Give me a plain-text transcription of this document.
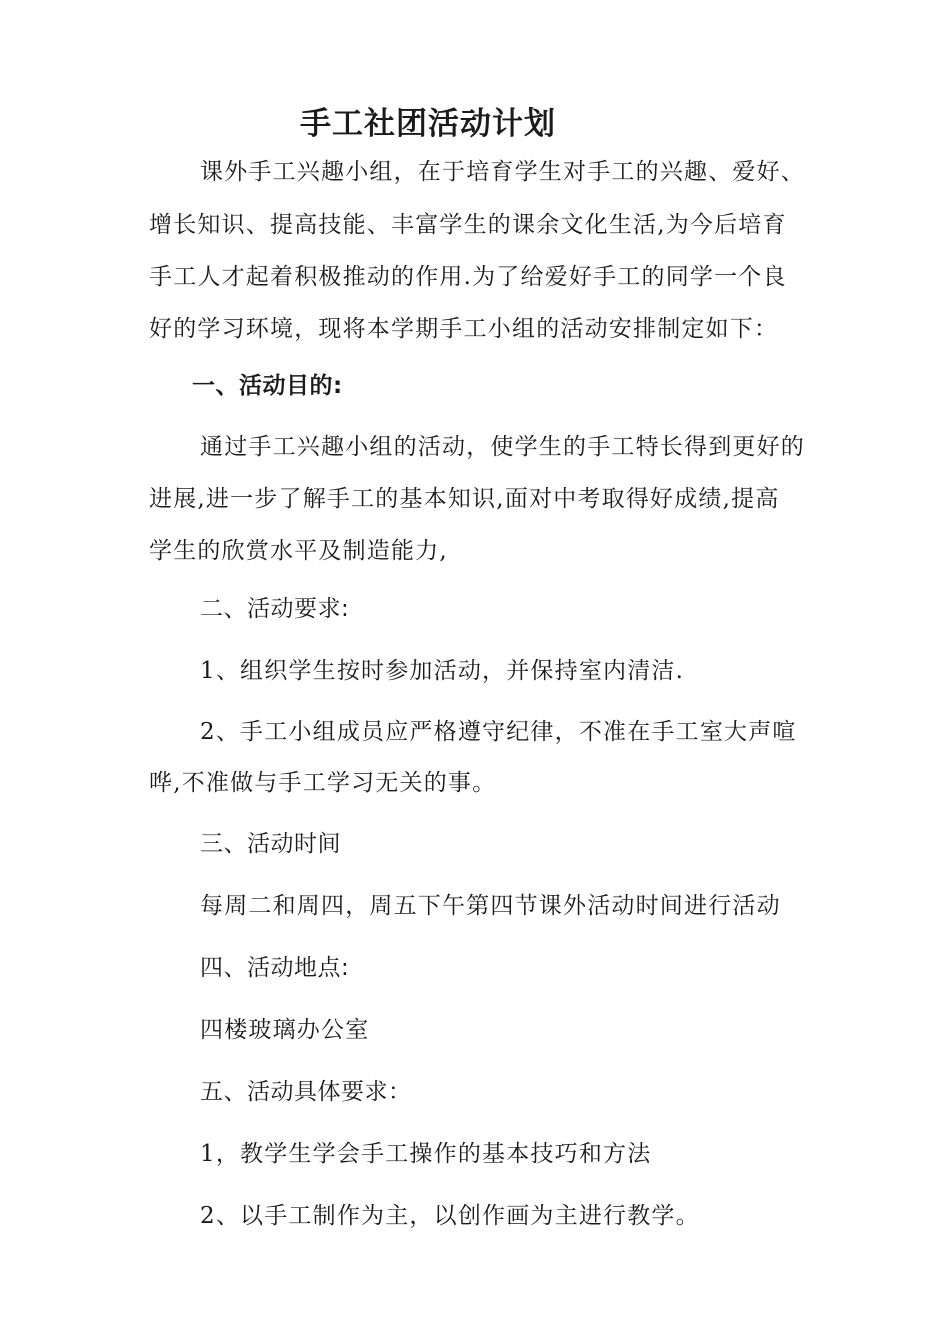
手工社团活动计划
课外手工兴趣小组，在于培育学生对手工的兴趣、爱好、
增长知识、提高技能、丰富学生的课余文化生活,为今后培育
手工人才起着积极推动的作用.为了给爱好手工的同学一个良
好的学习环境，现将本学期手工小组的活动安排制定如下：
一、活动目的:
通过手工兴趣小组的活动，使学生的手工特长得到更好的
进展,进一步了解手工的基本知识,面对中考取得好成绩,提高
学生的欣赏水平及制造能力,
二、活动要求:
1、组织学生按时参加活动，并保持室内清洁.
2、手工小组成员应严格遵守纪律，不准在手工室大声喧
哗,不准做与手工学习无关的事。
三、活动时间
每周二和周四，周五下午第四节课外活动时间进行活动
四、活动地点:
四楼玻璃办公室
五、活动具体要求：
1，教学生学会手工操作的基本技巧和方法
2、以手工制作为主，以创作画为主进行教学。
